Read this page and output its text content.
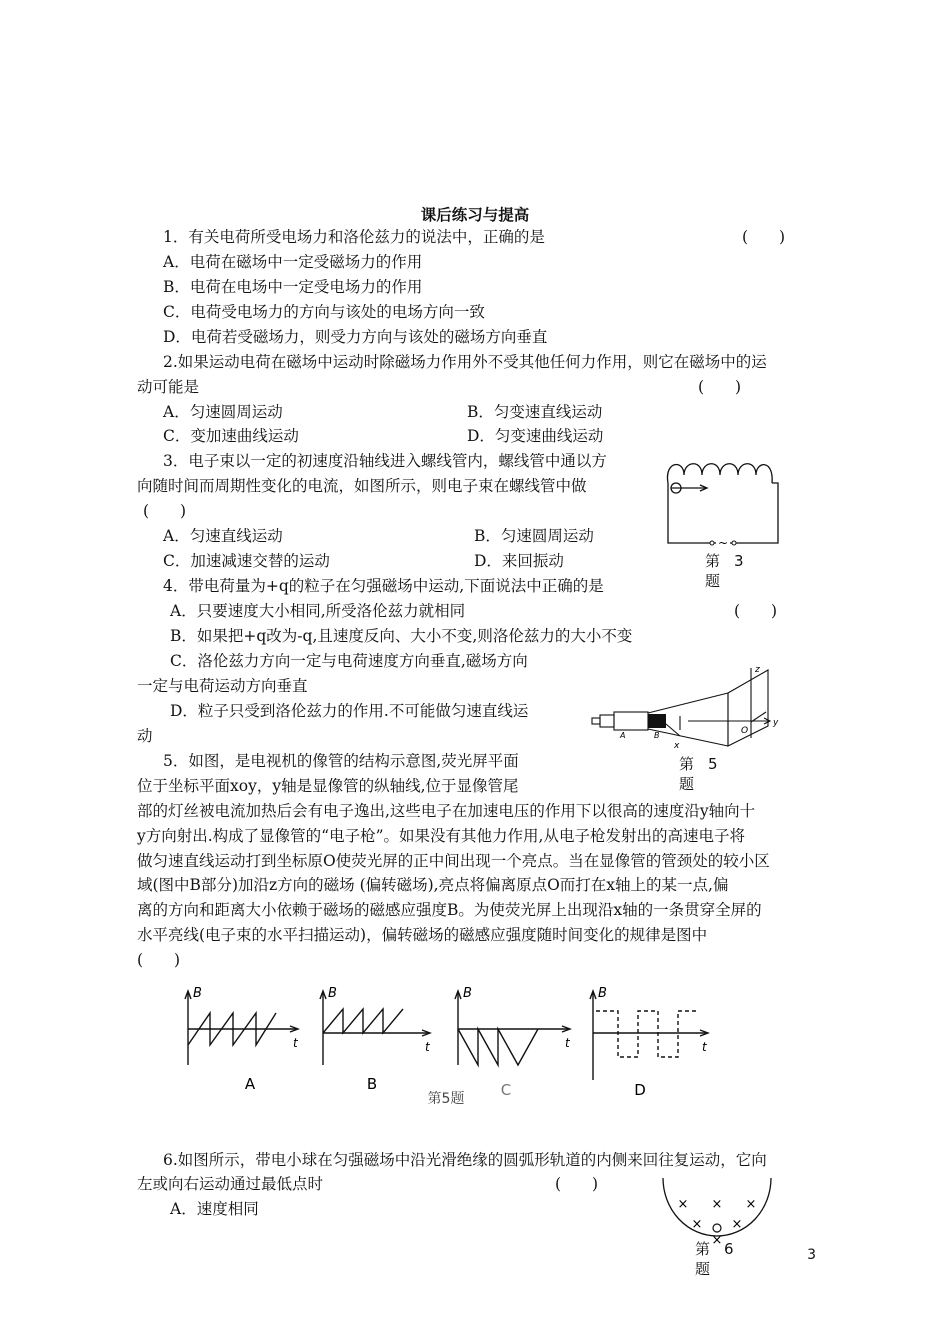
课后练习与提高
1．有关电荷所受电场力和洛伦兹力的说法中，正确的是	(　　)
A．电荷在磁场中一定受磁场力的作用
B．电荷在电场中一定受电场力的作用
C．电荷受电场力的方向与该处的电场方向一致
D．电荷若受磁场力，则受力方向与该处的磁场方向垂直
2.如果运动电荷在磁场中运动时除磁场力作用外不受其他任何力作用，则它在磁场中的运
动可能是	(　　)
A．匀速圆周运动	B．匀变速直线运动
C．变加速曲线运动	D．匀变速曲线运动
3．电子束以一定的初速度沿轴线进入螺线管内，螺线管中通以方
向随时间而周期性变化的电流，如图所示，则电子束在螺线管中做
(　　)
A．匀速直线运动	B．匀速圆周运动
C．加速减速交替的运动	D．来回振动
~
第 3
题
4．带电荷量为+q的粒子在匀强磁场中运动,下面说法中正确的是
(　　)
A．只要速度大小相同,所受洛伦兹力就相同
B．如果把+q改为-q,且速度反向、大小不变,则洛伦兹力的大小不变
C．洛伦兹力方向一定与电荷速度方向垂直,磁场方向
一定与电荷运动方向垂直
D．粒子只受到洛伦兹力的作用.不可能做匀速直线运
动
z
y
x
A	B	O
第 5
题
5．如图，是电视机的像管的结构示意图,荧光屏平面
位于坐标平面xoy，y轴是显像管的纵轴线,位于显像管尾
部的灯丝被电流加热后会有电子逸出,这些电子在加速电压的作用下以很高的速度沿y轴向十
y方向射出.构成了显像管的“电子枪”。如果没有其他力作用,从电子枪发射出的高速电子将
做匀速直线运动打到坐标原O使荧光屏的正中间出现一个亮点。当在显像管的管颈处的较小区
域(图中B部分)加沿z方向的磁场 (偏转磁场),亮点将偏离原点O而打在x轴上的某一点,偏
离的方向和距离大小依赖于磁场的磁感应强度B。为使荧光屏上出现沿x轴的一条贯穿全屏的
水平亮线(电子束的水平扫描运动)，偏转磁场的磁感应强度随时间变化的规律是图中
(　　)
B
t
B
t
B
t
B
t
A	B	C	D
第5题
6.如图所示，带电小球在匀强磁场中沿光滑绝缘的圆弧形轨道的内侧来回往复运动，它向
左或向右运动通过最低点时	(　　)
A．速度相同	× × ×
× ×
×
第 6
题
3
